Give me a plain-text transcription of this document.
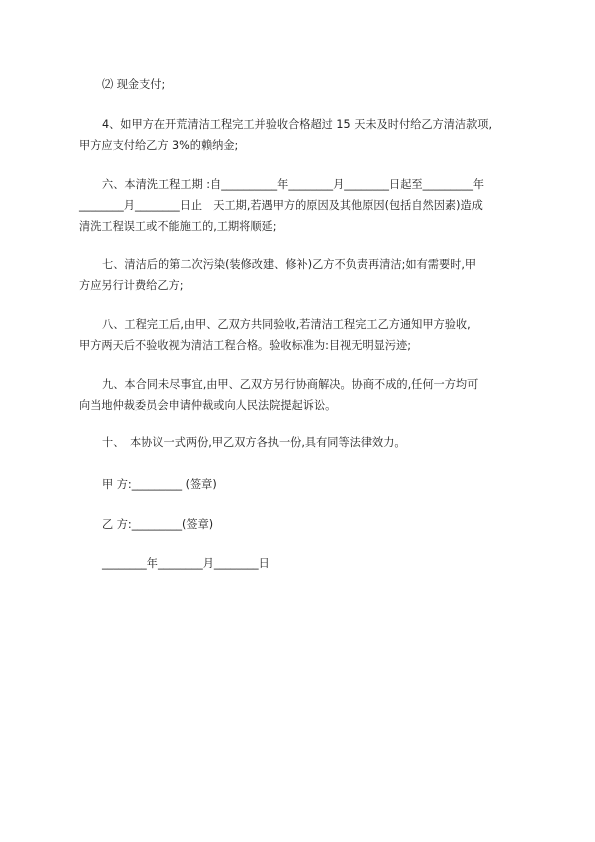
⑵ 现金支付;
4、如甲方在开荒清洁工程完工并验收合格超过 15 天未及时付给乙方清洁款项,
甲方应支付给乙方 3%的赖纳金;
六、本清洗工程工期 :自__________年________月________日起至_________年
________月________日止　天工期,若遇甲方的原因及其他原因(包括自然因素)造成
清洗工程误工或不能施工的,工期将顺延;
七、清洁后的第二次污染(装修改建、修补)乙方不负责再清洁;如有需要时,甲
方应另行计费给乙方;
八、工程完工后,由甲、乙双方共同验收,若清洁工程完工乙方通知甲方验收,
甲方两天后不验收视为清洁工程合格。验收标准为:目视无明显污迹;
九、本合同未尽事宜,由甲、乙双方另行协商解决。协商不成的,任何一方均可
向当地仲裁委员会申请仲裁或向人民法院提起诉讼。
十、　本协议一式两份,甲乙双方各执一份,具有同等法律效力。
甲 方:_________ (签章)
乙 方:_________(签章)
________年________月________日
